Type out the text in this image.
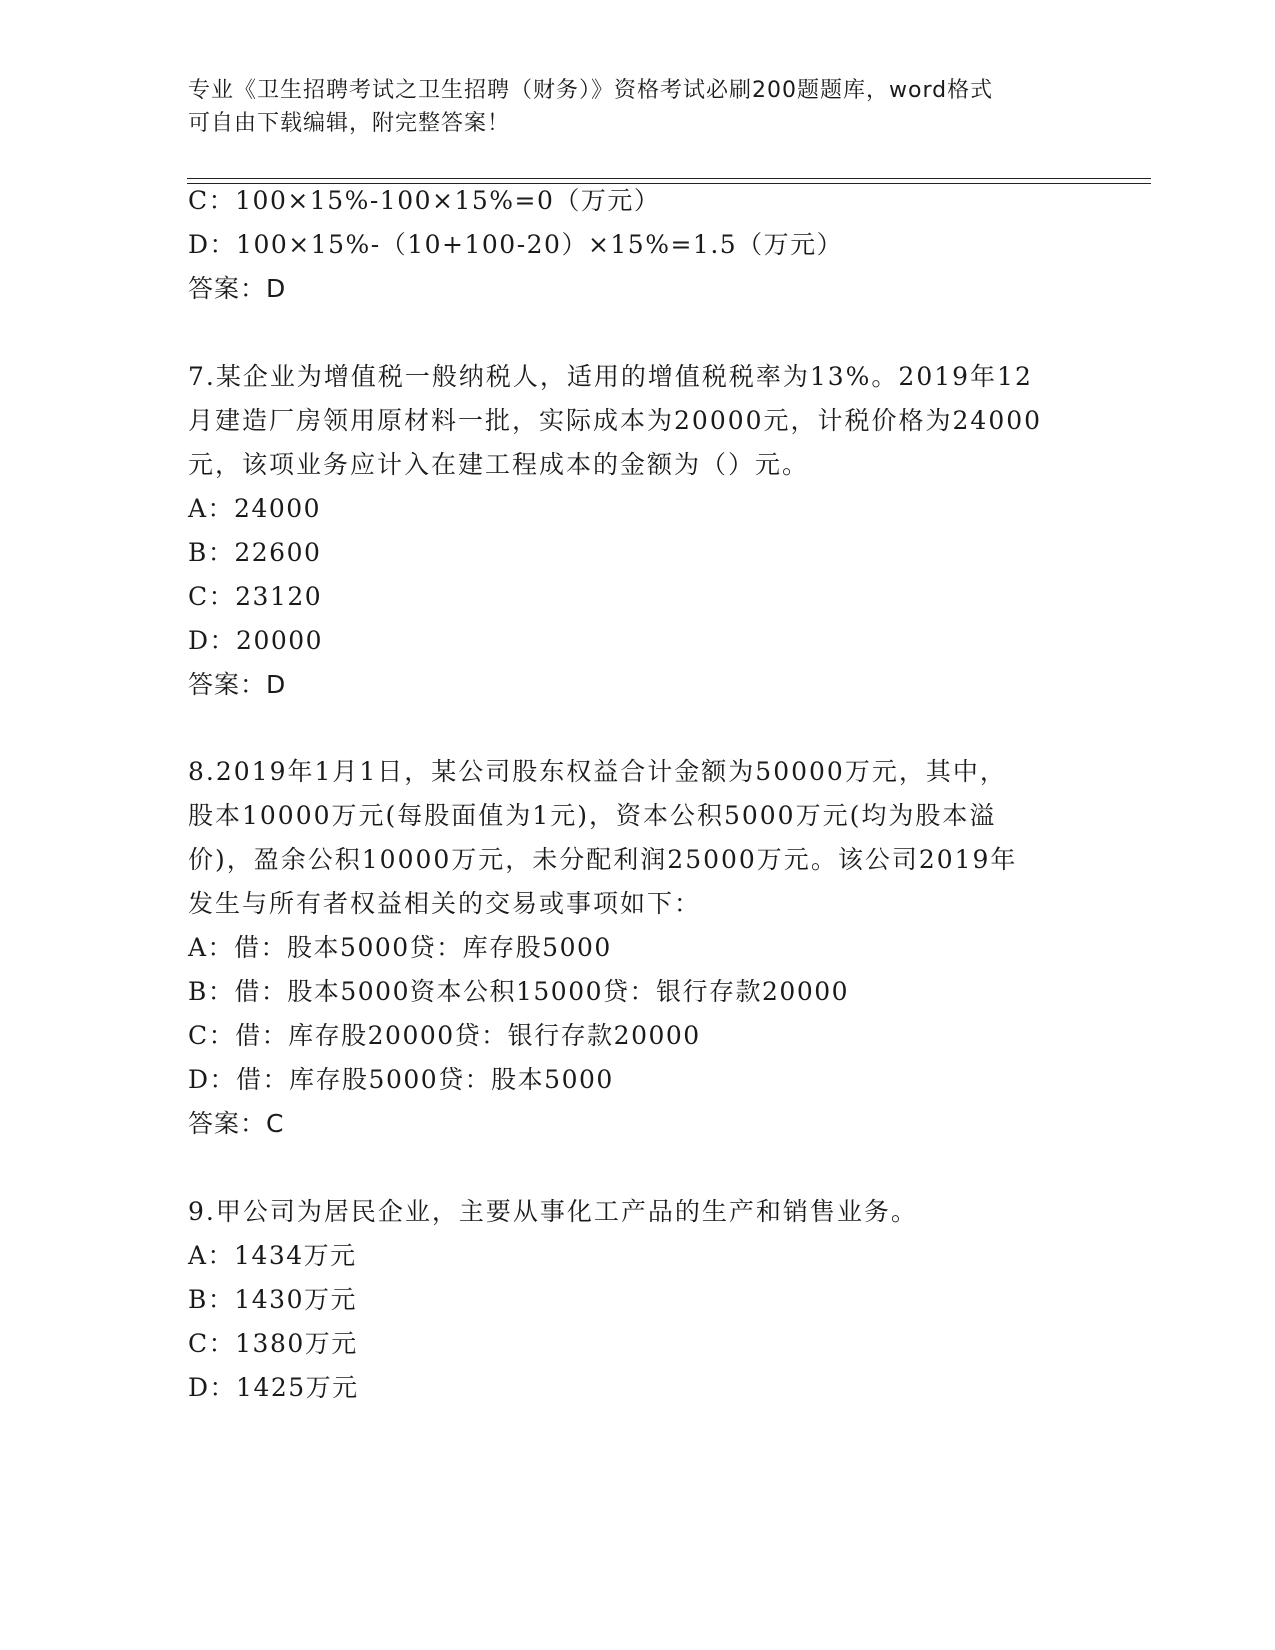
专业《卫生招聘考试之卫生招聘（财务）》资格考试必刷200题题库，word格式
可自由下载编辑，附完整答案！
C：100×15%-100×15%=0（万元）
D：100×15%-（10+100-20）×15%=1.5（万元）
答案：D
7.某企业为增值税一般纳税人，适用的增值税税率为13%。2019年12
月建造厂房领用原材料一批，实际成本为20000元，计税价格为24000
元，该项业务应计入在建工程成本的金额为（）元。
A：24000
B：22600
C：23120
D：20000
答案：D
8.2019年1月1日，某公司股东权益合计金额为50000万元，其中，
股本10000万元(每股面值为1元)，资本公积5000万元(均为股本溢
价)，盈余公积10000万元，未分配利润25000万元。该公司2019年
发生与所有者权益相关的交易或事项如下：
A：借：股本5000贷：库存股5000
B：借：股本5000资本公积15000贷：银行存款20000
C：借：库存股20000贷：银行存款20000
D：借：库存股5000贷：股本5000
答案：C
9.甲公司为居民企业，主要从事化工产品的生产和销售业务。
A：1434万元
B：1430万元
C：1380万元
D：1425万元
